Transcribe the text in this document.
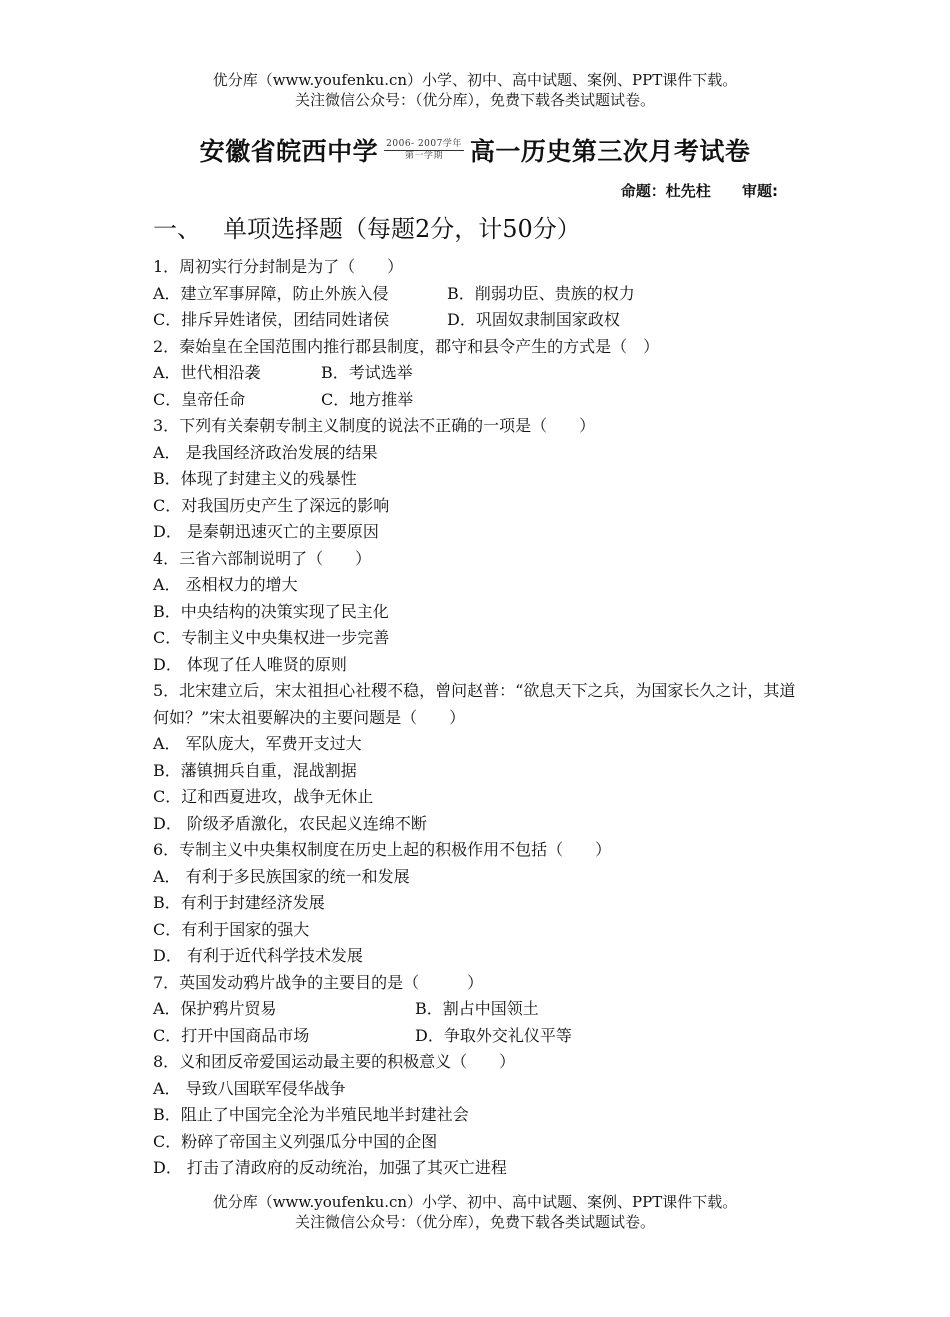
优分库（www.youfenku.cn）小学、初中、高中试题、案例、PPT课件下载。
关注微信公众号：（优分库），免费下载各类试题试卷。
安徽省皖西中学 $\frac{\text{2006- 2007学年}}{\text{第一学期}}$ 高一历史第三次月考试卷
命题：杜先柱 审题:
一、 单项选择题（每题2分，计50分）
1．周初实行分封制是为了（　　）
A．建立军事屏障，防止外族入侵	B．削弱功臣、贵族的权力
C．排斥异姓诸侯，团结同姓诸侯	D．巩固奴隶制国家政权
2．秦始皇在全国范围内推行郡县制度，郡守和县令产生的方式是（　）
A．世代相沿袭	B．考试选举
C．皇帝任命	C．地方推举
3．下列有关秦朝专制主义制度的说法不正确的一项是（　　）
A． 是我国经济政治发展的结果
B．体现了封建主义的残暴性
C．对我国历史产生了深远的影响
D． 是秦朝迅速灭亡的主要原因
4．三省六部制说明了（　　）
A． 丞相权力的增大
B．中央结构的决策实现了民主化
C．专制主义中央集权进一步完善
D． 体现了任人唯贤的原则
5．北宋建立后，宋太祖担心社稷不稳，曾问赵普：“欲息天下之兵，为国家长久之计，其道何如？”宋太祖要解决的主要问题是（　　）
A． 军队庞大，军费开支过大
B．藩镇拥兵自重，混战割据
C．辽和西夏进攻，战争无休止
D． 阶级矛盾激化，农民起义连绵不断
6．专制主义中央集权制度在历史上起的积极作用不包括（　　）
A． 有利于多民族国家的统一和发展
B．有利于封建经济发展
C．有利于国家的强大
D． 有利于近代科学技术发展
7．英国发动鸦片战争的主要目的是（　　　）
A．保护鸦片贸易	B．割占中国领土
C．打开中国商品市场	D．争取外交礼仪平等
8．义和团反帝爱国运动最主要的积极意义（　　）
A． 导致八国联军侵华战争
B．阻止了中国完全沦为半殖民地半封建社会
C．粉碎了帝国主义列强瓜分中国的企图
D． 打击了清政府的反动统治，加强了其灭亡进程
优分库（www.youfenku.cn）小学、初中、高中试题、案例、PPT课件下载。
关注微信公众号：（优分库），免费下载各类试题试卷。
